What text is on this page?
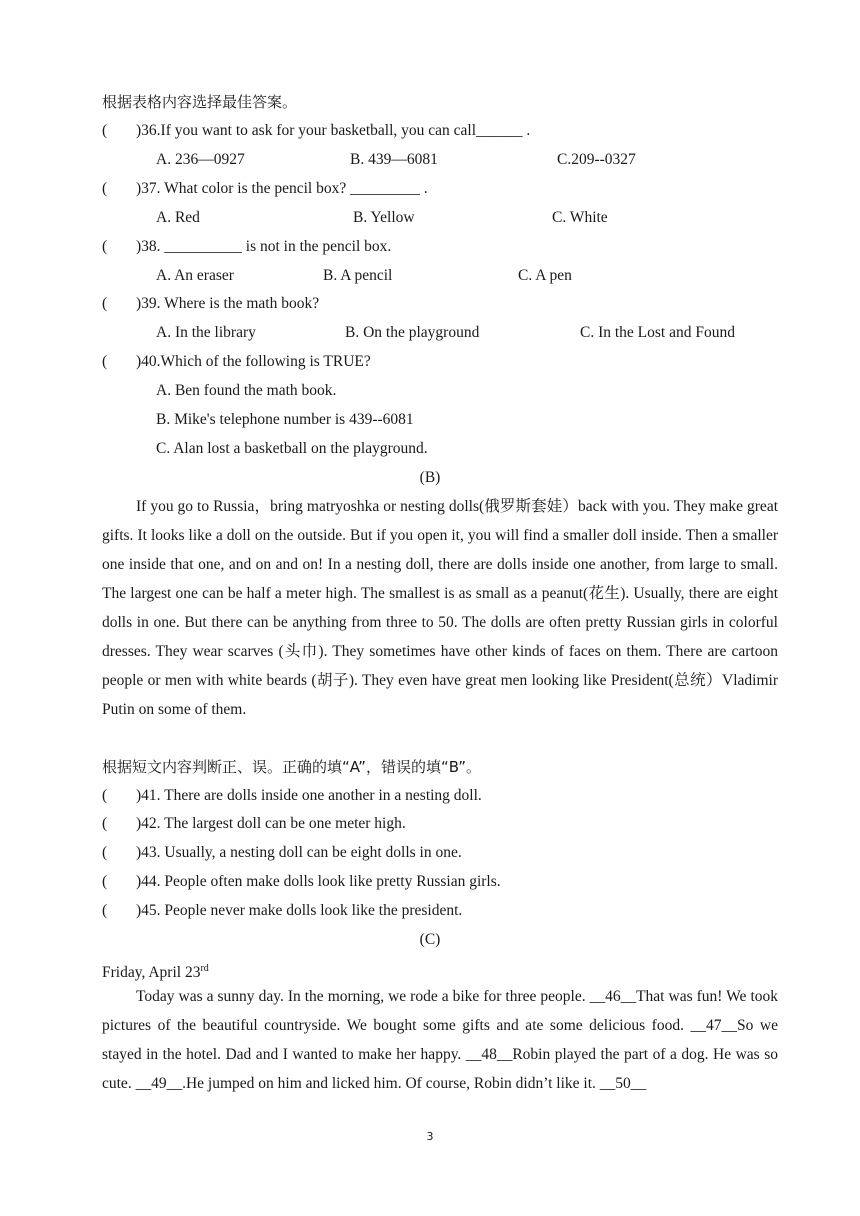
根据表格内容选择最佳答案。
( )36.If you want to ask for your basketball, you can call______ .
A. 236—0927	B. 439—6081	C.209--0327
( )37. What color is the pencil box? _________ .
A. Red	B. Yellow	C. White
( )38. __________ is not in the pencil box.
A. An eraser	B. A pencil	C. A pen
( )39. Where is the math book?
A. In the library	B. On the playground	C. In the Lost and Found
( )40.Which of the following is TRUE?
A. Ben found the math book.
B. Mike's telephone number is 439--6081
C. Alan lost a basketball on the playground.
(B)
If you go to Russia，bring matryoshka or nesting dolls(俄罗斯套娃）back with you. They make great gifts. It looks like a doll on the outside. But if you open it, you will find a smaller doll inside. Then a smaller one inside that one, and on and on! In a nesting doll, there are dolls inside one another, from large to small. The largest one can be half a meter high. The smallest is as small as a peanut(花生). Usually, there are eight dolls in one. But there can be anything from three to 50. The dolls are often pretty Russian girls in colorful dresses. They wear scarves (头巾). They sometimes have other kinds of faces on them. There are cartoon people or men with white beards (胡子). They even have great men looking like President(总统）Vladimir Putin on some of them.
根据短文内容判断正、误。正确的填“A”，错误的填“B”。
( )41. There are dolls inside one another in a nesting doll.
( )42. The largest doll can be one meter high.
( )43. Usually, a nesting doll can be eight dolls in one.
( )44. People often make dolls look like pretty Russian girls.
( )45. People never make dolls look like the president.
(C)
Friday, April 23rd
Today was a sunny day. In the morning, we rode a bike for three people. __46__That was fun! We took pictures of the beautiful countryside. We bought some gifts and ate some delicious food. __47__So we stayed in the hotel. Dad and I wanted to make her happy. __48__Robin played the part of a dog. He was so cute. __49__.He jumped on him and licked him. Of course, Robin didn’t like it. __50__
3
